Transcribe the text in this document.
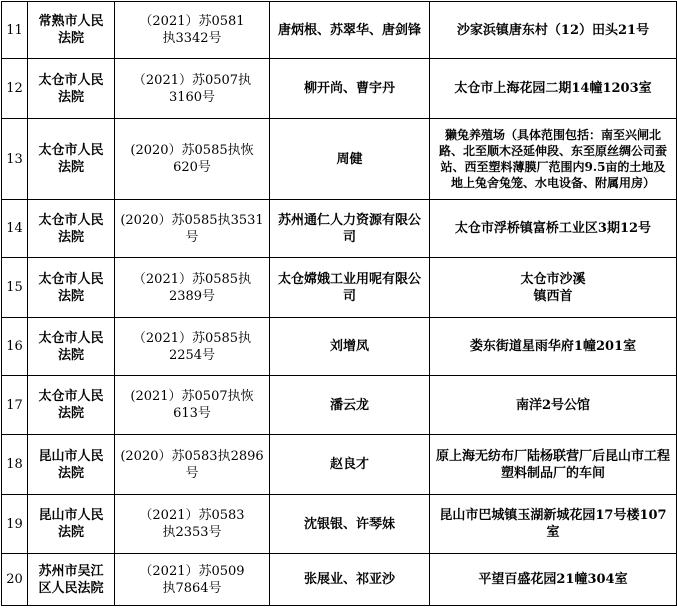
11	常熟市人民法院	（2021）苏0581执3342号	唐炳根、苏翠华、唐剑锋	沙家浜镇唐东村（12）田头21号
12	太仓市人民法院	（2021）苏0507执3160号	柳开尚、曹宇丹	太仓市上海花园二期14幢1203室
13	太仓市人民法院	(2020）苏0585执恢620号	周健	獭兔养殖场（具体范围包括：南至兴闸北路、北至顺木泾延伸段、东至原丝绸公司蚕站、西至塑料薄膜厂范围内9.5亩的土地及地上兔舍兔笼、水电设备、附属用房）
14	太仓市人民法院	(2020）苏0585执3531号	苏州通仁人力资源有限公司	太仓市浮桥镇富桥工业区3期12号
15	太仓市人民法院	（2021）苏0585执2389号	太仓嫦娥工业用呢有限公司	太仓市沙溪镇西首
16	太仓市人民法院	（2021）苏0585执2254号	刘增凤	娄东街道星雨华府1幢201室
17	太仓市人民法院	(2021）苏0507执恢613号	潘云龙	南洋2号公馆
18	昆山市人民法院	(2020）苏0583执2896号	赵良才	原上海无纺布厂陆杨联营厂后昆山市工程塑料制品厂的车间
19	昆山市人民法院	（2021）苏0583执2353号	沈银银、许琴妹	昆山市巴城镇玉湖新城花园17号楼107室
20	苏州市吴江区人民法院	（2021）苏0509执7864号	张展业、祁亚沙	平望百盛花园21幢304室
